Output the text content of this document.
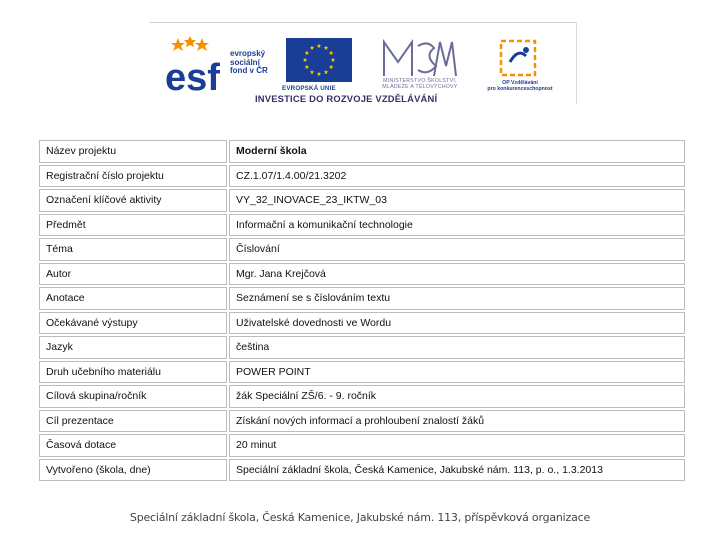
esf
evropský
sociální
fond v ČR
EVROPSKÁ UNIE
MINISTERSTVO ŠKOLSTVÍ,
MLÁDEŽE A TĚLOVÝCHOVY
OP Vzdělávání
pro konkurenceschopnost
INVESTICE DO ROZVOJE VZDĚLÁVÁNÍ
Název projektu	Moderní škola
Registrační číslo projektu	CZ.1.07/1.4.00/21.3202
Označení klíčové aktivity	VY_32_INOVACE_23_IKTW_03
Předmět	Informační a komunikační technologie
Téma	Číslování
Autor	Mgr. Jana Krejčová
Anotace	Seznámení se s číslováním textu
Očekávané výstupy	Uživatelské dovednosti ve Wordu
Jazyk	čeština
Druh učebního materiálu	POWER POINT
Cílová skupina/ročník	žák Speciální ZŠ/6. - 9. ročník
Cíl prezentace	Získání nových informací a prohloubení znalostí žáků
Časová dotace	20 minut
Vytvořeno (škola, dne)	Speciální základní škola, Česká Kamenice, Jakubské nám. 113, p. o., 1.3.2013
Speciální základní škola, Česká Kamenice, Jakubské nám. 113, příspěvková organizace
